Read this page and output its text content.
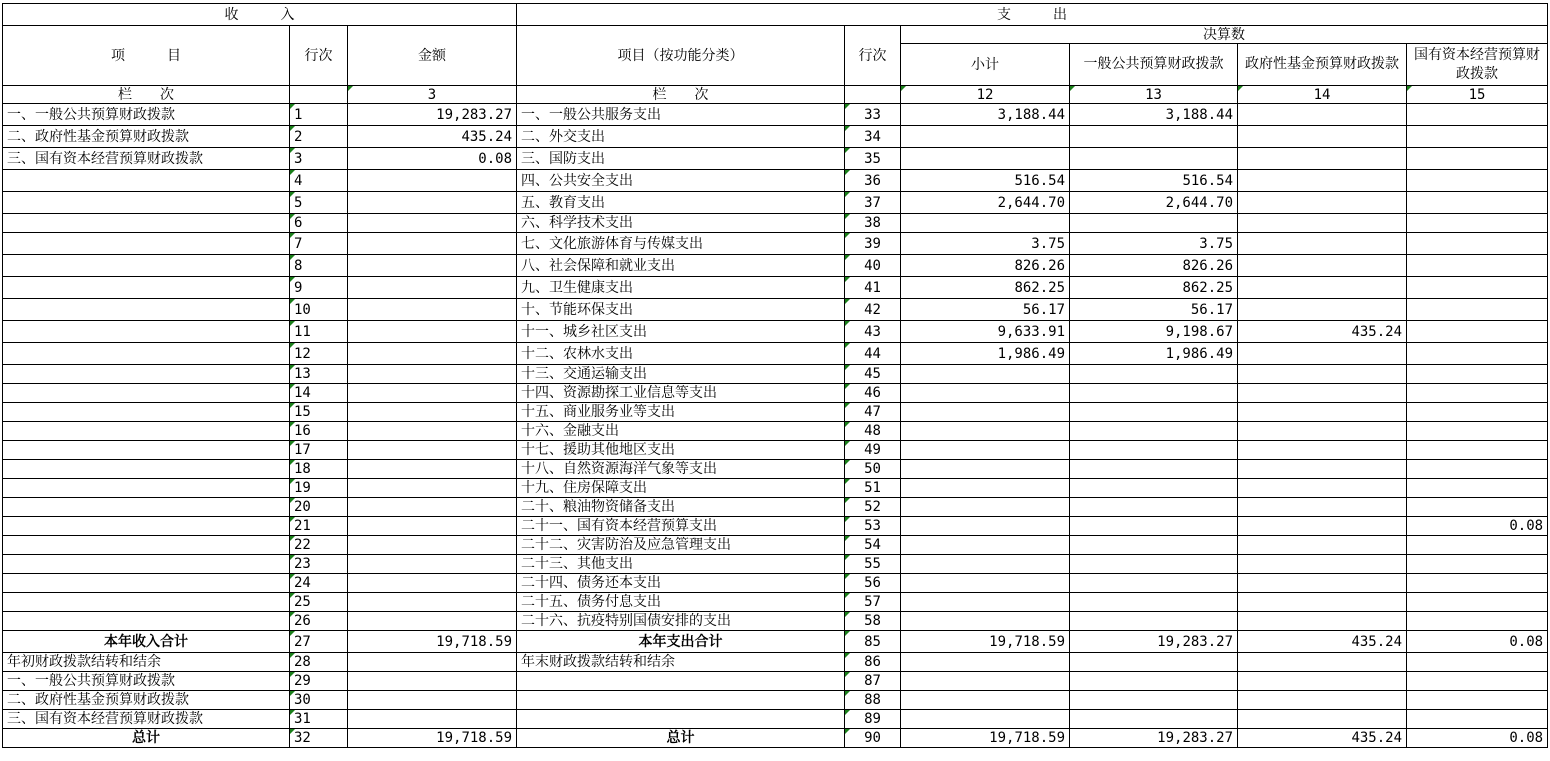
收　　　入			支　　　出					
项　　　目	行次	金额	项目（按功能分类）	行次	决算数			
					小计	一般公共预算财政拨款	政府性基金预算财政拨款	国有资本经营预算财政拨款
栏　　次		3	栏　　次		12	13	14	15
一、一般公共预算财政拨款	1	19,283.27	一、一般公共服务支出	33	3,188.44	3,188.44		
二、政府性基金预算财政拨款	2	435.24	二、外交支出	34				
三、国有资本经营预算财政拨款	3	0.08	三、国防支出	35				
	4		四、公共安全支出	36	516.54	516.54		
	5		五、教育支出	37	2,644.70	2,644.70		
	6		六、科学技术支出	38				
	7		七、文化旅游体育与传媒支出	39	3.75	3.75		
	8		八、社会保障和就业支出	40	826.26	826.26		
	9		九、卫生健康支出	41	862.25	862.25		
	10		十、节能环保支出	42	56.17	56.17		
	11		十一、城乡社区支出	43	9,633.91	9,198.67	435.24	
	12		十二、农林水支出	44	1,986.49	1,986.49		
	13		十三、交通运输支出	45				
	14		十四、资源勘探工业信息等支出	46				
	15		十五、商业服务业等支出	47				
	16		十六、金融支出	48				
	17		十七、援助其他地区支出	49				
	18		十八、自然资源海洋气象等支出	50				
	19		十九、住房保障支出	51				
	20		二十、粮油物资储备支出	52				
	21		二十一、国有资本经营预算支出	53				0.08
	22		二十二、灾害防治及应急管理支出	54				
	23		二十三、其他支出	55				
	24		二十四、债务还本支出	56				
	25		二十五、债务付息支出	57				
	26		二十六、抗疫特别国债安排的支出	58				
本年收入合计	27	19,718.59	本年支出合计	85	19,718.59	19,283.27	435.24	0.08
年初财政拨款结转和结余	28		年末财政拨款结转和结余	86				
一、一般公共预算财政拨款	29			87				
二、政府性基金预算财政拨款	30			88				
三、国有资本经营预算财政拨款	31			89				
总计	32	19,718.59	总计	90	19,718.59	19,283.27	435.24	0.08
